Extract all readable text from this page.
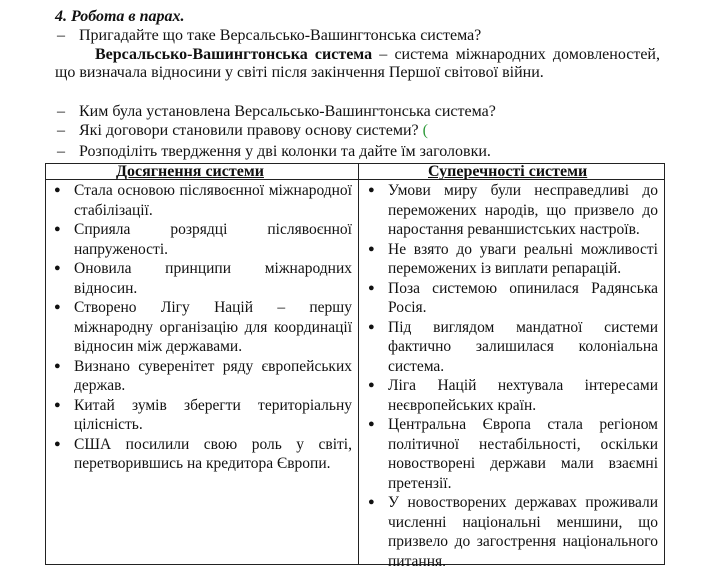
4. Робота в парах.
– Пригадайте що таке Версальсько-Вашингтонська система?
Версальсько-Вашингтонська система – система міжнародних домовленостей, що визначала відносини у світі після закінчення Першої світової війни.
– Ким була установлена Версальсько-Вашингтонська система?
– Які договори становили правову основу системи? (
– Розподіліть твердження у дві колонки та дайте їм заголовки.
Досягнення системи	Суперечності системи
● Стала основою післявоєнної міжнародної стабілізації.
● Сприяла розрядці післявоєнної напруженості.
● Оновила принципи міжнародних відносин.
● Створено Лігу Націй – першу міжнародну організацію для координації відносин між державами.
● Визнано суверенітет ряду європейських держав.
● Китай зумів зберегти територіальну цілісність.
● США посилили свою роль у світі, перетворившись на кредитора Європи.
● Умови миру були несправедливі до переможених народів, що призвело до наростання реваншистських настроїв.
● Не взято до уваги реальні можливості переможених із виплати репарацій.
● Поза системою опинилася Радянська Росія.
● Під виглядом мандатної системи фактично залишилася колоніальна система.
● Ліга Націй нехтувала інтересами неєвропейських країн.
● Центральна Європа стала регіоном політичної нестабільності, оскільки новостворені держави мали взаємні претензії.
● У новостворених державах проживали численні національні меншини, що призвело до загострення національного питання.
